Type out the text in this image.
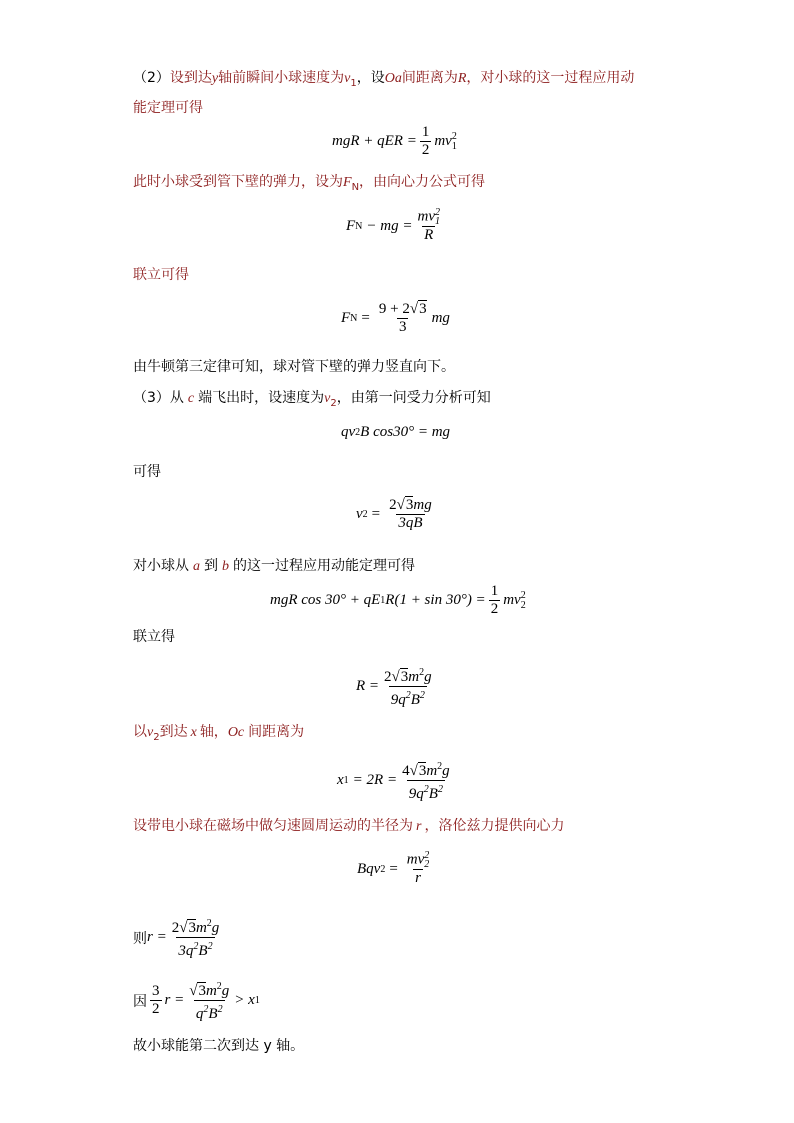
（2）设到达y轴前瞬间小球速度为$v_1$，设Oa间距离为R，对小球的这一过程应用动
能定理可得
mgR + qER = $\frac{1}{2}$ mv 2
1
此时小球受到管下壁的弹力，设为$F_N$，由向心力公式可得
F N − mg = mv 2
1
R
联立可得
F $N = \frac{9 + 2√3}{3}$ mg
由牛顿第三定律可知，球对管下壁的弹力竖直向下。
（3）从 c 端飞出时，设速度为$v_2$，由第一问受力分析可知
qv 2 B cos30° = mg
可得
v $2 = \frac{2√3mg}{3qB}$
对小球从 a 到 b 的这一过程应用动能定理可得
mgR cos 30° + qE 1 $R(1 + \sin 30^\circ) = \frac{1}{2}$ mv 2
2
联立得
$R = \frac{2√3m^2g}{9q^2B^2}$
以$v_2$到达 x 轴，Oc 间距离为
x $1 = 2R = \frac{4√3m^2g}{9q^2B^2}$
设带电小球在磁场中做匀速圆周运动的半径为 r ，洛伦兹力提供向心力
Bqv 2 = mv 2
2
r
则 $r = \frac{2√3m^2g}{3q^2B^2}$
因 $\frac{3}{2}$ $r = \frac{√3m^2g}{q^2B^2} > x$ 1
故小球能第二次到达 y 轴。
